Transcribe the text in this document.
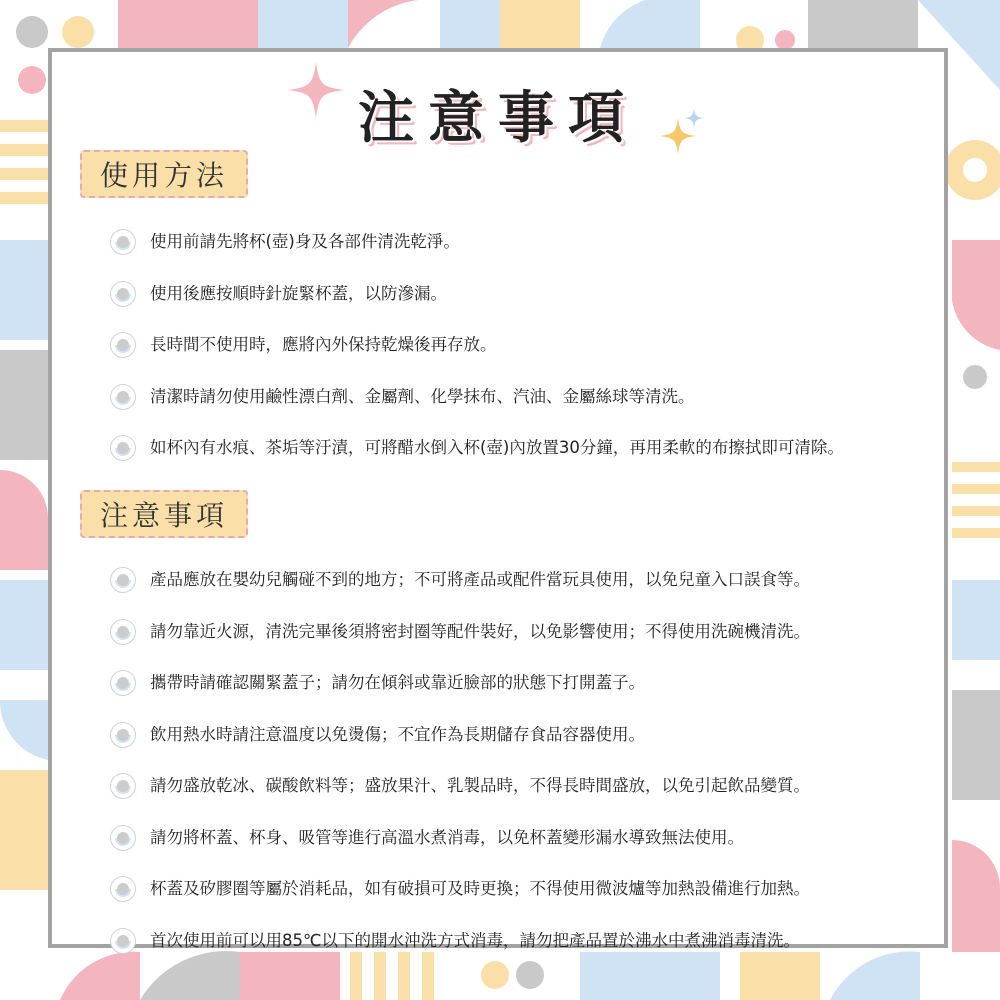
注意事項
使用方法
使用前請先將杯(壺)身及各部件清洗乾淨。
使用後應按順時針旋緊杯蓋，以防滲漏。
長時間不使用時，應將內外保持乾燥後再存放。
清潔時請勿使用鹼性漂白劑、金屬劑、化學抹布、汽油、金屬絲球等清洗。
如杯內有水痕、茶垢等汙漬，可將醋水倒入杯(壺)內放置30分鐘，再用柔軟的布擦拭即可清除。
注意事項
產品應放在嬰幼兒觸碰不到的地方；不可將產品或配件當玩具使用，以免兒童入口誤食等。
請勿靠近火源，清洗完畢後須將密封圈等配件裝好，以免影響使用；不得使用洗碗機清洗。
攜帶時請確認關緊蓋子；請勿在傾斜或靠近臉部的狀態下打開蓋子。
飲用熱水時請注意溫度以免燙傷；不宜作為長期儲存食品容器使用。
請勿盛放乾冰、碳酸飲料等；盛放果汁、乳製品時，不得長時間盛放，以免引起飲品變質。
請勿將杯蓋、杯身、吸管等進行高溫水煮消毒，以免杯蓋變形漏水導致無法使用。
杯蓋及矽膠圈等屬於消耗品，如有破損可及時更換；不得使用微波爐等加熱設備進行加熱。
首次使用前可以用85℃以下的開水沖洗方式消毒，請勿把產品置於沸水中煮沸消毒清洗。
